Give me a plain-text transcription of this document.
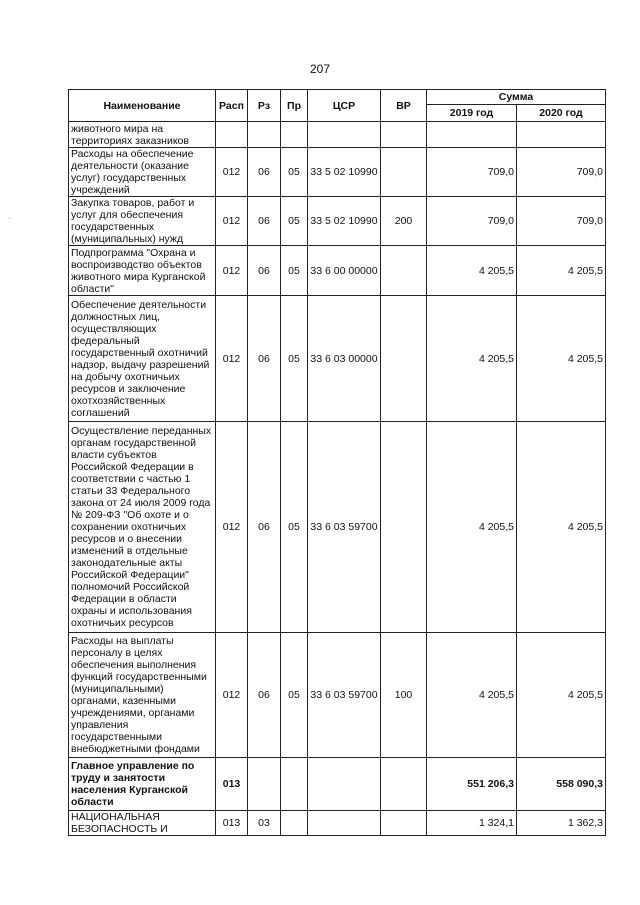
207
Наименование	Расп	Рз	Пр	ЦСР	ВР	Сумма	
						2019 год	2020 год
животного мира на территориях заказников							
Расходы на обеспечение деятельности (оказание услуг) государственных учреждений	012	06	05	33 5 02 10990		709,0	709,0
Закупка товаров, работ и услуг для обеспечения государственных (муниципальных) нужд	012	06	05	33 5 02 10990	200	709,0	709,0
Подпрограмма "Охрана и воспроизводство объектов животного мира Курганской области"	012	06	05	33 6 00 00000		4 205,5	4 205,5
Обеспечение деятельности должностных лиц, осуществляющих федеральный государственный охотничий надзор, выдачу разрешений на добычу охотничьих ресурсов и заключение охотхозяйственных соглашений	012	06	05	33 6 03 00000		4 205,5	4 205,5
Осуществление переданных органам государственной власти субъектов Российской Федерации в соответствии с частью 1 статьи 33 Федерального закона от 24 июля 2009 года № 209-ФЗ "Об охоте и о сохранении охотничьих ресурсов и о внесении изменений в отдельные законодательные акты Российской Федерации" полномочий Российской Федерации в области охраны и использования охотничьих ресурсов	012	06	05	33 6 03 59700		4 205,5	4 205,5
Расходы на выплаты персоналу в целях обеспечения выполнения функций государственными (муниципальными) органами, казенными учреждениями, органами управления государственными внебюджетными фондами	012	06	05	33 6 03 59700	100	4 205,5	4 205,5
Главное управление по труду и занятости населения Курганской области	013					551 206,3	558 090,3
НАЦИОНАЛЬНАЯ БЕЗОПАСНОСТЬ И	013	03				1 324,1	1 362,3
